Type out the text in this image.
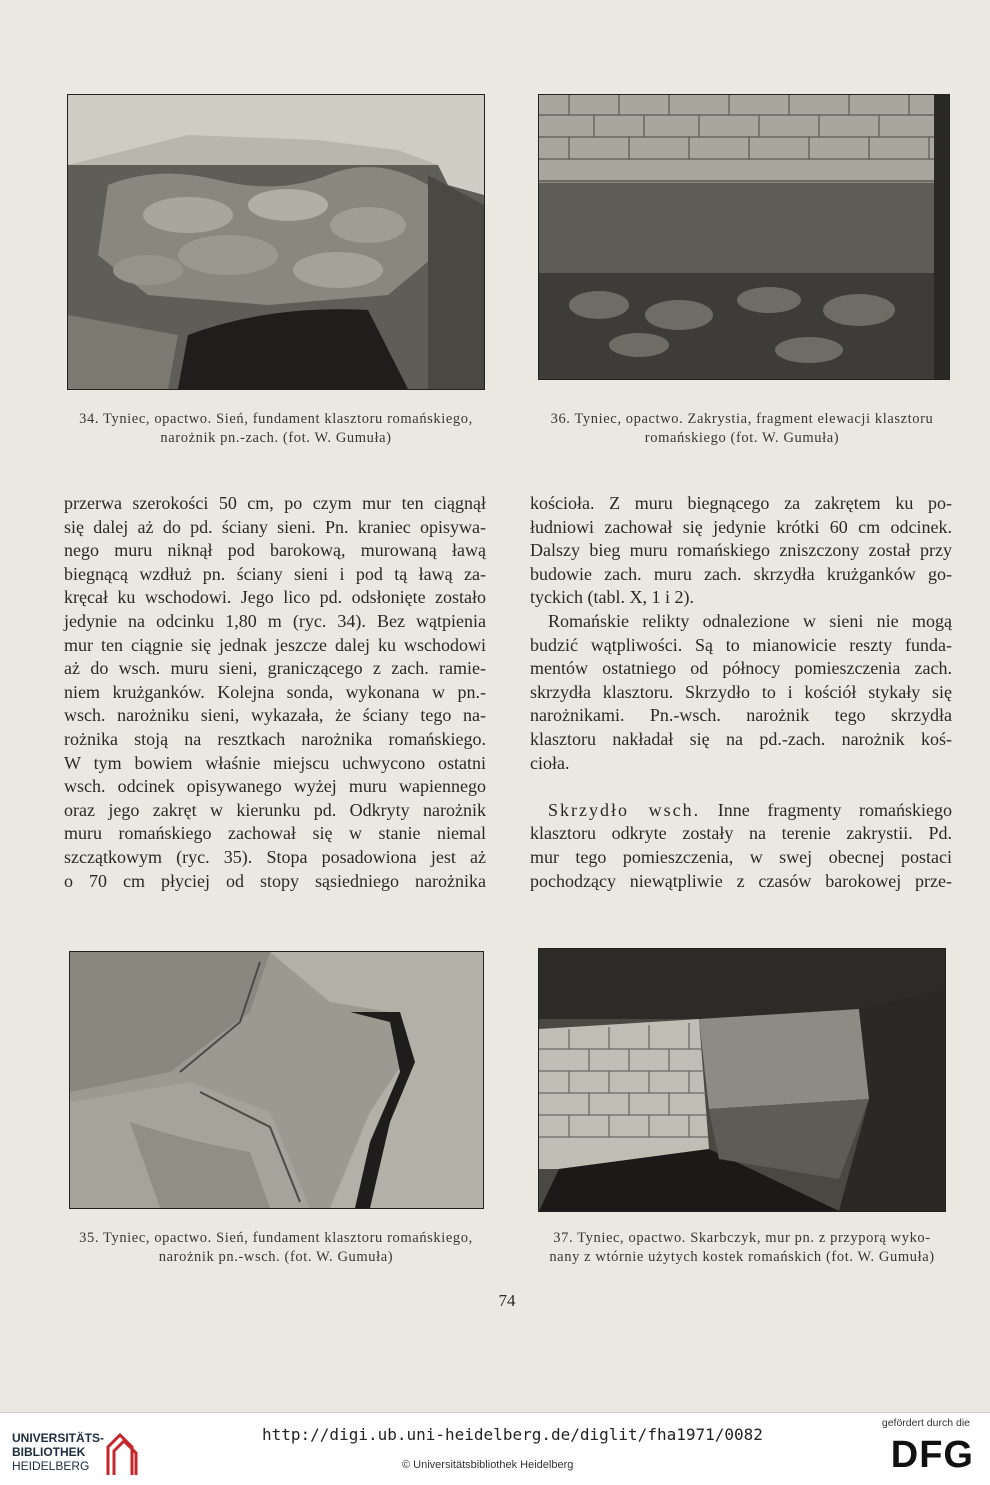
34. Tyniec, opactwo. Sień, fundament klasztoru romańskiego,
narożnik pn.-zach. (fot. W. Gumuła)
36. Tyniec, opactwo. Zakrystia, fragment elewacji klasztoru
romańskiego (fot. W. Gumuła)
przerwa szerokości 50 cm, po czym mur ten ciągnął
się dalej aż do pd. ściany sieni. Pn. kraniec opisywa-
nego muru niknął pod barokową, murowaną ławą
biegnącą wzdłuż pn. ściany sieni i pod tą ławą za-
kręcał ku wschodowi. Jego lico pd. odsłonięte zostało
jedynie na odcinku 1,80 m (ryc. 34). Bez wątpienia
mur ten ciągnie się jednak jeszcze dalej ku wschodowi
aż do wsch. muru sieni, graniczącego z zach. ramie-
niem krużganków. Kolejna sonda, wykonana w pn.-
wsch. narożniku sieni, wykazała, że ściany tego na-
rożnika stoją na resztkach narożnika romańskiego.
W tym bowiem właśnie miejscu uchwycono ostatni
wsch. odcinek opisywanego wyżej muru wapiennego
oraz jego zakręt w kierunku pd. Odkryty narożnik
muru romańskiego zachował się w stanie niemal
szczątkowym (ryc. 35). Stopa posadowiona jest aż
o 70 cm płyciej od stopy sąsiedniego narożnika
kościoła. Z muru biegnącego za zakrętem ku po-
łudniowi zachował się jedynie krótki 60 cm odcinek.
Dalszy bieg muru romańskiego zniszczony został przy
budowie zach. muru zach. skrzydła krużganków go-
tyckich (tabl. X, 1 i 2).
Romańskie relikty odnalezione w sieni nie mogą
budzić wątpliwości. Są to mianowicie reszty funda-
mentów ostatniego od północy pomieszczenia zach.
skrzydła klasztoru. Skrzydło to i kościół stykały się
narożnikami. Pn.-wsch. narożnik tego skrzydła
klasztoru nakładał się na pd.-zach. narożnik koś-
cioła.

Skrzydło wsch. Inne fragmenty romańskiego
klasztoru odkryte zostały na terenie zakrystii. Pd.
mur tego pomieszczenia, w swej obecnej postaci
pochodzący niewątpliwie z czasów barokowej prze-
35. Tyniec, opactwo. Sień, fundament klasztoru romańskiego,
narożnik pn.-wsch. (fot. W. Gumuła)
37. Tyniec, opactwo. Skarbczyk, mur pn. z przyporą wyko-
nany z wtórnie użytych kostek romańskich (fot. W. Gumuła)
74
UNIVERSITÄTS-
BIBLIOTHEK
HEIDELBERG
http://digi.ub.uni-heidelberg.de/diglit/fha1971/0082
© Universitätsbibliothek Heidelberg
gefördert durch die
DFG
